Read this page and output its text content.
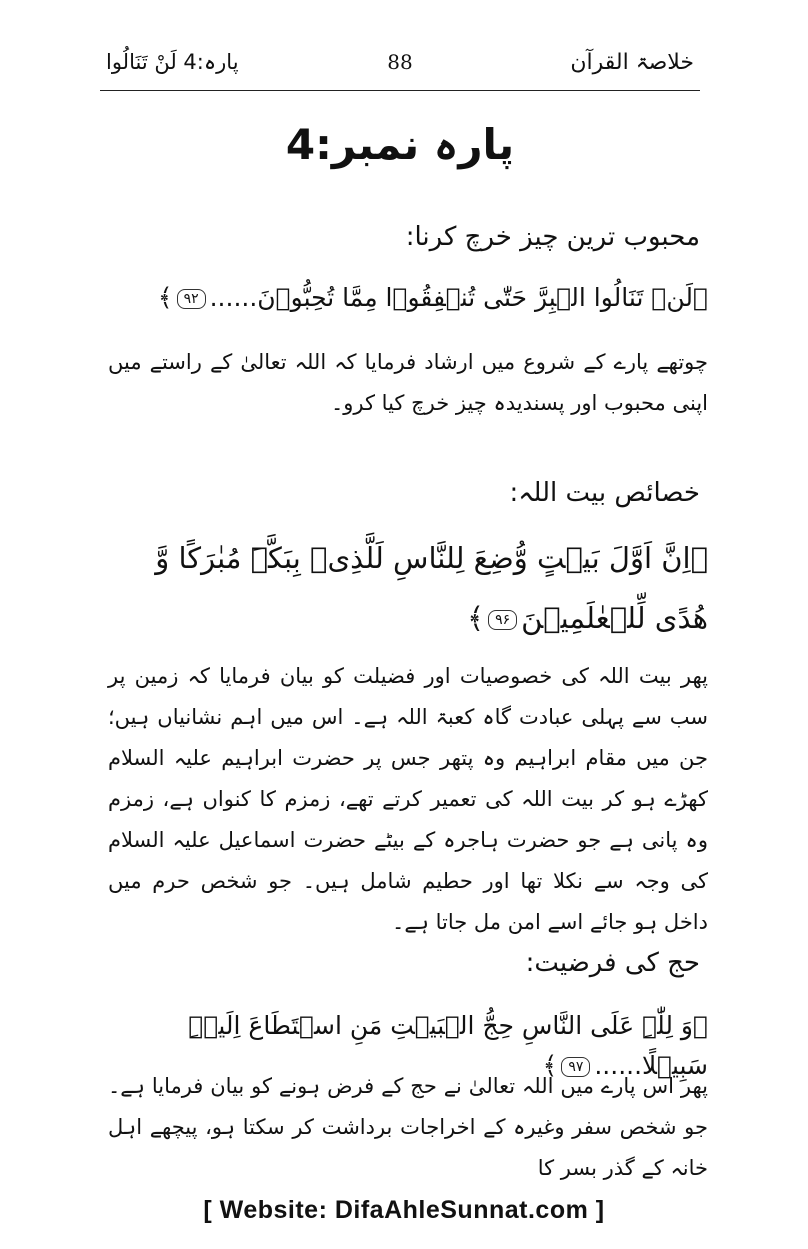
خلاصۃ القرآن
88
پارہ:4 لَنْ تَنَالُوا
پارہ نمبر:4
محبوب ترین چیز خرچ کرنا:
﴿لَنۡ تَنَالُوا الۡبِرَّ حَتّٰی تُنۡفِقُوۡا مِمَّا تُحِبُّوۡنَ......۹۲﴾
چوتھے پارے کے شروع میں ارشاد فرمایا کہ اللہ تعالیٰ کے راستے میں اپنی محبوب اور پسندیدہ چیز خرچ کیا کرو۔
خصائص بیت اللہ:
﴿اِنَّ اَوَّلَ بَیۡتٍ وُّضِعَ لِلنَّاسِ لَلَّذِیۡ بِبَکَّۃَ مُبٰرَکًا وَّ ھُدًی لِّلۡعٰلَمِیۡنَ۹۶﴾
پھر بیت اللہ کی خصوصیات اور فضیلت کو بیان فرمایا کہ زمین پر سب سے پہلی عبادت گاہ کعبۃ اللہ ہے۔ اس میں اہم نشانیاں ہیں؛ جن میں مقام ابراہیم وہ پتھر جس پر حضرت ابراہیم علیہ السلام کھڑے ہو کر بیت اللہ کی تعمیر کرتے تھے، زمزم کا کنواں ہے، زمزم وہ پانی ہے جو حضرت ہاجرہ کے بیٹے حضرت اسماعیل علیہ السلام کی وجہ سے نکلا تھا اور حطیم شامل ہیں۔ جو شخص حرم میں داخل ہو جائے اسے امن مل جاتا ہے۔
حج کی فرضیت:
﴿وَ لِلّٰہِ عَلَی النَّاسِ حِجُّ الۡبَیۡتِ مَنِ اسۡتَطَاعَ اِلَیۡہِ سَبِیۡلًا......۹۷﴾
پھر اس پارے میں اللہ تعالیٰ نے حج کے فرض ہونے کو بیان فرمایا ہے۔ جو شخص سفر وغیرہ کے اخراجات برداشت کر سکتا ہو، پیچھے اہل خانہ کے گذر بسر کا
[ Website: DifaAhleSunnat.com ]
